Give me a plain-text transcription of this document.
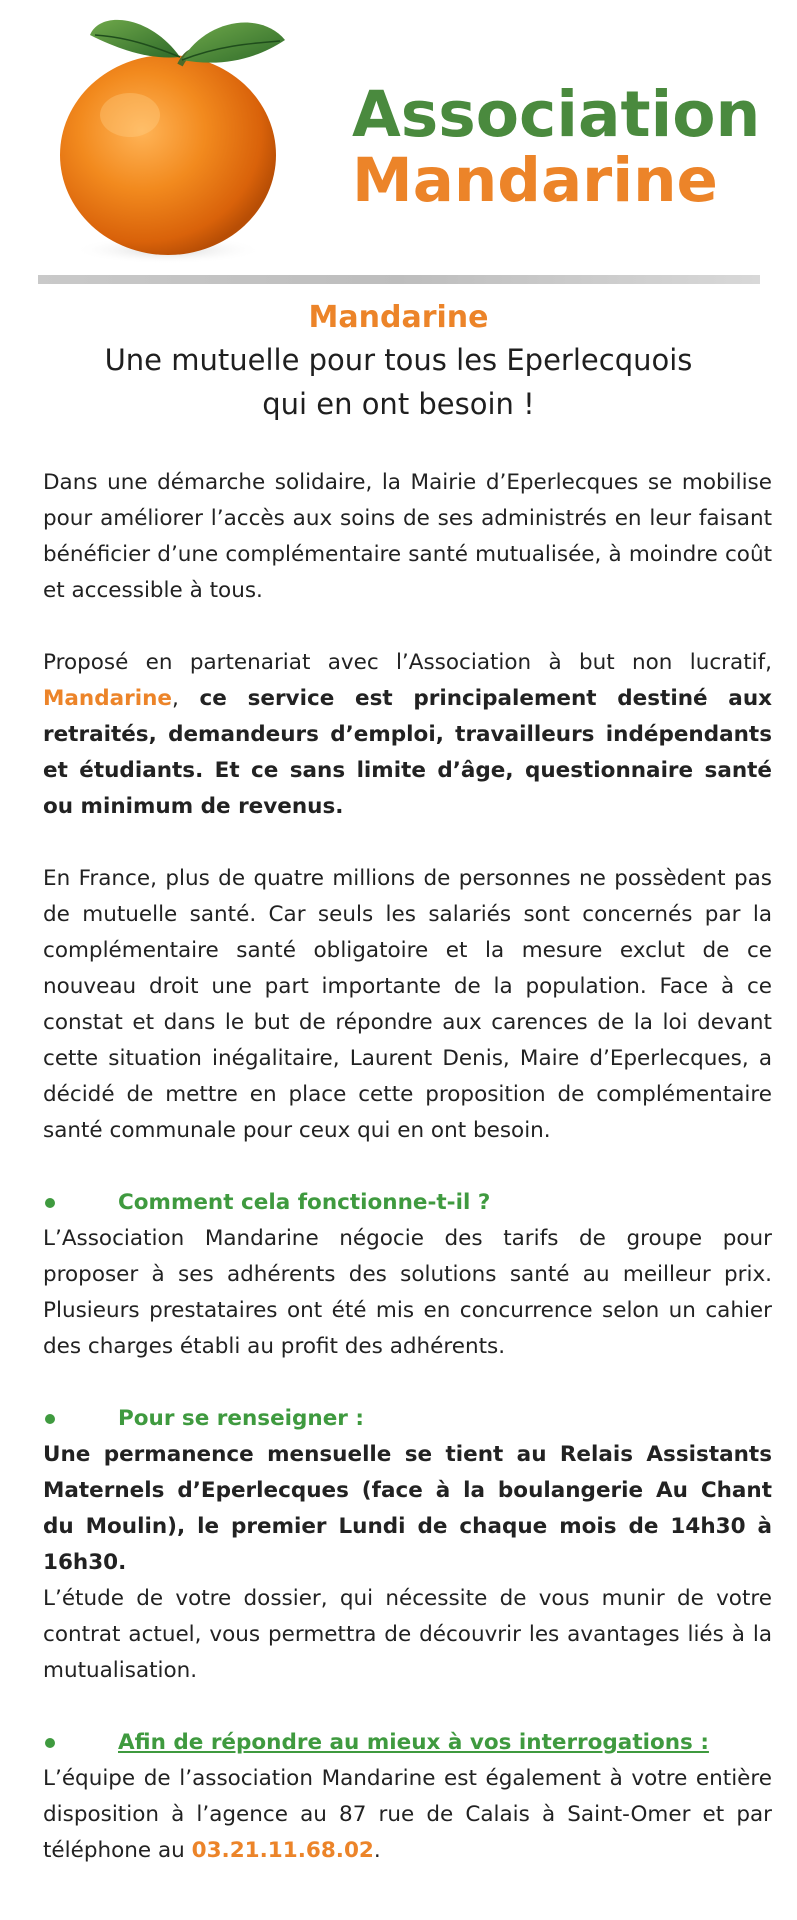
Association
Mandarine
Mandarine
Une mutuelle pour tous les Eperlecquois
qui en ont besoin !

Dans une démarche solidaire, la Mairie d’Eperlecques se mobilise pour améliorer l’accès aux soins de ses administrés en leur faisant bénéficier d’une complémentaire santé mutualisée, à moindre coût et accessible à tous.

Proposé en partenariat avec l’Association à but non lucratif, Mandarine, ce service est principalement destiné aux retraités, demandeurs d’emploi, travailleurs indépendants et étudiants. Et ce sans limite d’âge, questionnaire santé ou minimum de revenus.

En France, plus de quatre millions de personnes ne possèdent pas de mutuelle santé. Car seuls les salariés sont concernés par la complémentaire santé obligatoire et la mesure exclut de ce nouveau droit une part importante de la population. Face à ce constat et dans le but de répondre aux carences de la loi devant cette situation inégalitaire, Laurent Denis, Maire d’Eperlecques, a décidé de mettre en place cette proposition de complémentaire santé communale pour ceux qui en ont besoin.

Comment cela fonctionne-t-il ?

L’Association Mandarine négocie des tarifs de groupe pour proposer à ses adhérents des solutions santé au meilleur prix. Plusieurs prestataires ont été mis en concurrence selon un cahier des charges établi au profit des adhérents.

Pour se renseigner :

Une permanence mensuelle se tient au Relais Assistants Maternels d’Eperlecques (face à la boulangerie Au Chant du Moulin), le premier Lundi de chaque mois de 14h30 à 16h30.

L’étude de votre dossier, qui nécessite de vous munir de votre contrat actuel, vous permettra de découvrir les avantages liés à la mutualisation.

Afin de répondre au mieux à vos interrogations :

L’équipe de l’association Mandarine est également à votre entière disposition à l’agence au 87 rue de Calais à Saint-Omer et par téléphone au 03.21.11.68.02.
